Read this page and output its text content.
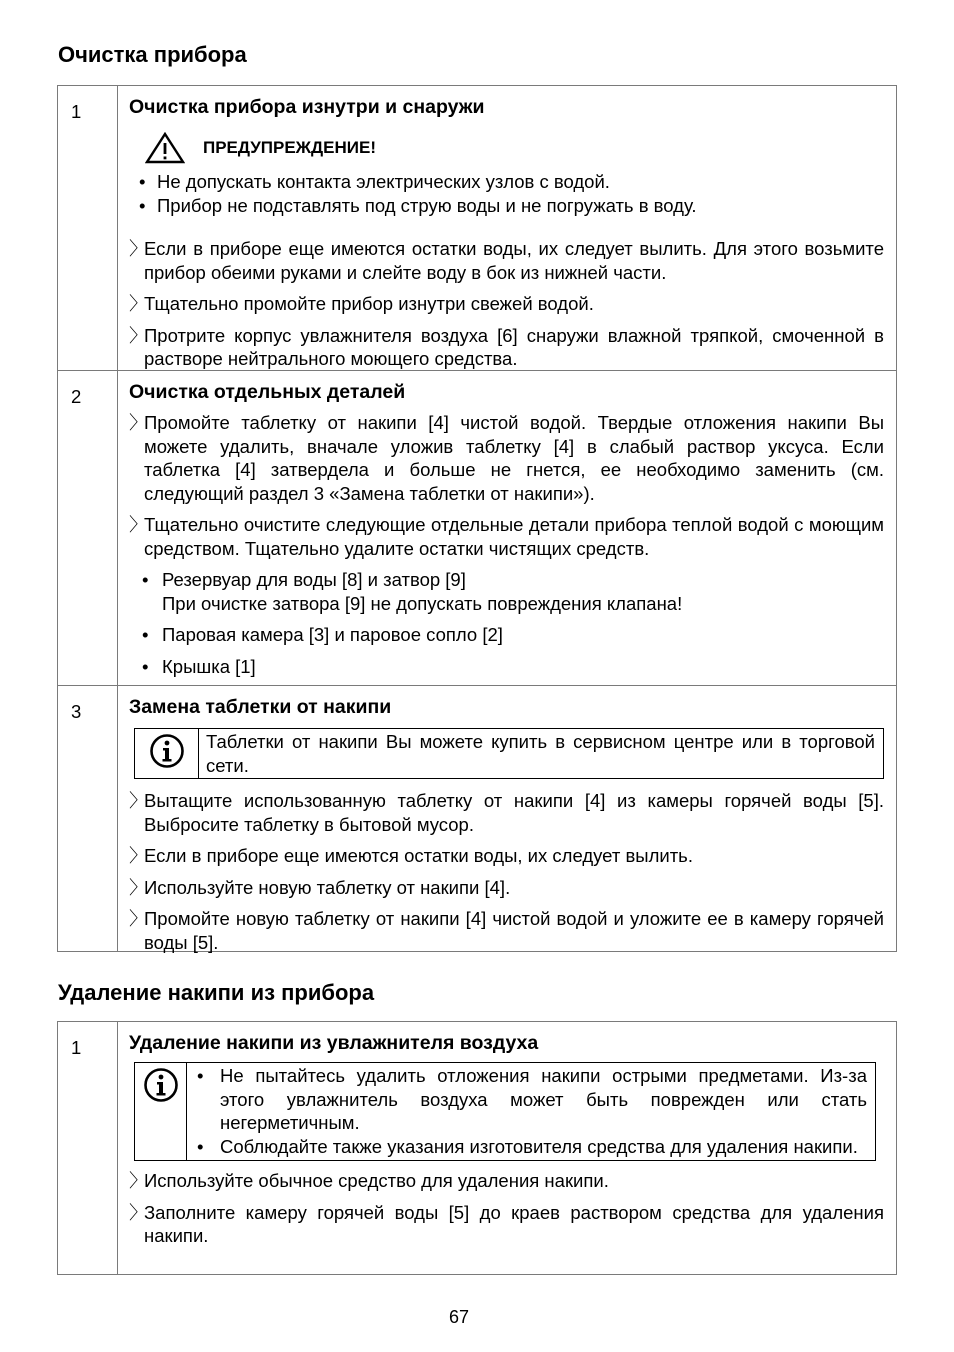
Очистка прибора
1	Очистка прибора изнутри и снаружи
ПРЕДУПРЕЖДЕНИЕ!
• Не допускать контакта электрических узлов с водой.
• Прибор не подставлять под струю воды и не погружать в воду.
〉
Если в приборе еще имеются остатки воды, их следует вылить. Для этого возьмите прибор обеими руками и слейте воду в бок из нижней части.
〉
Тщательно промойте прибор изнутри свежей водой.
〉
Протрите корпус увлажнителя воздуха [6] снаружи влажной тряпкой, смоченной в растворе нейтрального моющего средства.
2	Очистка отдельных деталей
〉
Промойте таблетку от накипи [4] чистой водой. Твердые отложения накипи Вы можете удалить, вначале уложив таблетку [4] в слабый раствор уксуса. Если таблетка [4] затвердела и больше не гнется, ее необходимо заменить (см. следующий раздел 3 «Замена таблетки от накипи»).
〉
Тщательно очистите следующие отдельные детали прибора теплой водой с моющим средством. Тщательно удалите остатки чистящих средств.
• Резервуар для воды [8] и затвор [9]
При очистке затвора [9] не допускать повреждения клапана!
• Паровая камера [3] и паровое сопло [2]
• Крышка [1]
3	Замена таблетки от накипи
Таблетки от накипи Вы можете купить в сервисном центре или в торговой сети.
〉
Вытащите использованную таблетку от накипи [4] из камеры горячей воды [5]. Выбросите таблетку в бытовой мусор.
〉
Если в приборе еще имеются остатки воды, их следует вылить.
〉
Используйте новую таблетку от накипи [4].
〉
Промойте новую таблетку от накипи [4] чистой водой и уложите ее в камеру горячей воды [5].
Удаление накипи из прибора
1	Удаление накипи из увлажнителя воздуха
• Не пытайтесь удалить отложения накипи острыми предметами. Из-за этого увлажнитель воздуха может быть поврежден или стать негерметичным.
• Соблюдайте также указания изготовителя средства для удаления накипи.
〉
Используйте обычное средство для удаления накипи.
〉
Заполните камеру горячей воды [5] до краев раствором средства для удаления накипи.
67
